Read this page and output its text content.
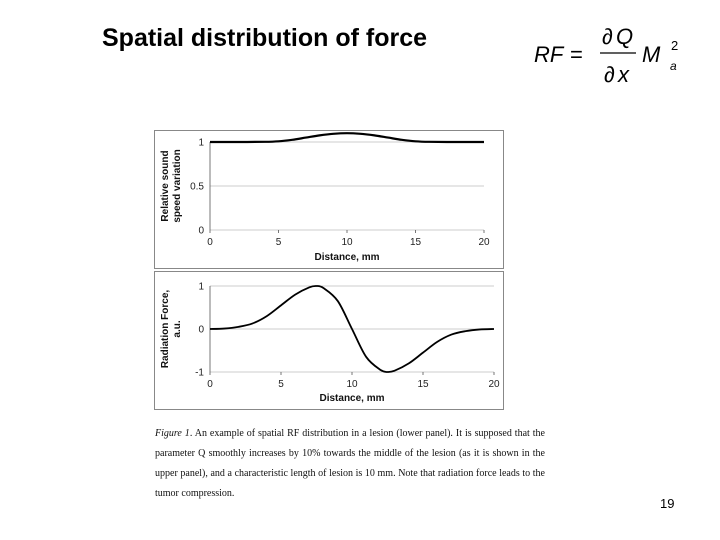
Spatial distribution of force
RF =
∂ Q
∂ x
M 2
a
0
0.5
1
0	5	10	15	20
Distance, mm
Relative soundspeed variation
-1
0
1
0	5	10	15	20
Distance, mm
Radiation Force,a.u.
Figure 1. An example of spatial RF distribution in a lesion (lower panel). It is supposed that the parameter Q smoothly increases by 10% towards the middle of the lesion (as it is shown in the upper panel), and a characteristic length of lesion is 10 mm. Note that radiation force leads to the tumor compression.
19
